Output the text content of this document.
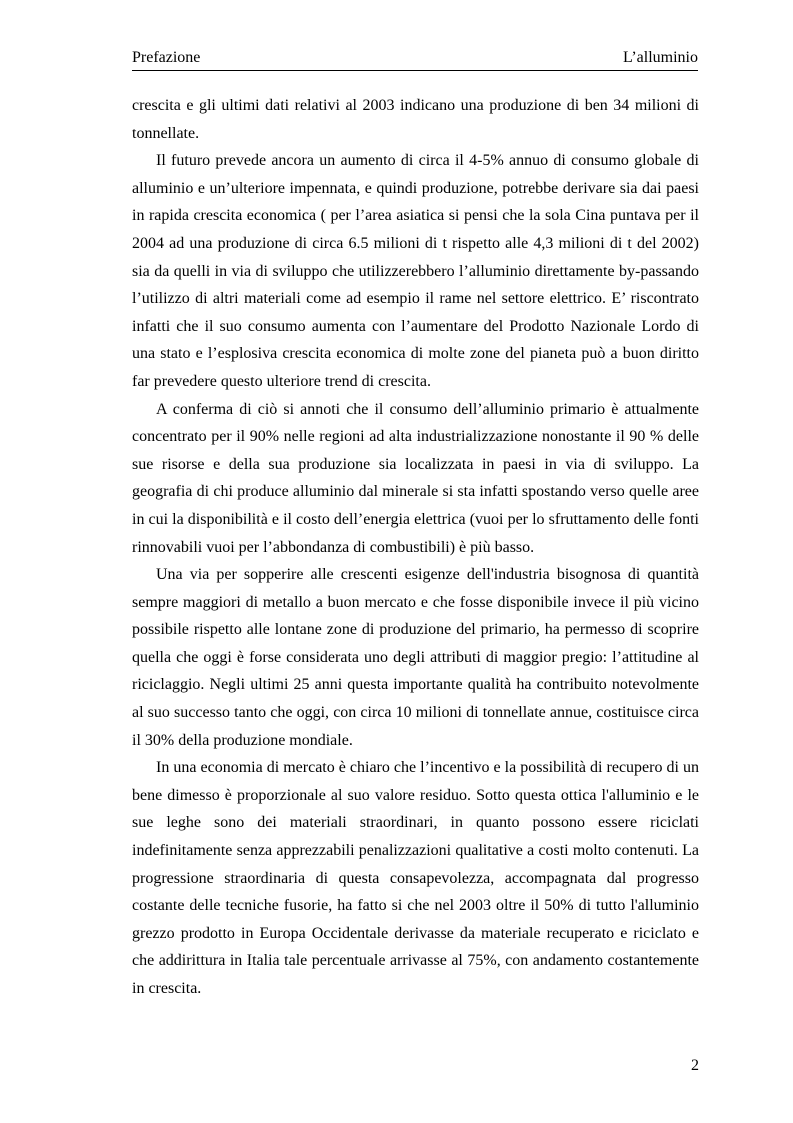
Prefazione	L’alluminio

crescita e gli ultimi dati relativi al 2003 indicano una produzione di ben 34 milioni di tonnellate.

Il futuro prevede ancora un aumento di circa il 4-5% annuo di consumo globale di alluminio e un’ulteriore impennata, e quindi produzione, potrebbe derivare sia dai paesi in rapida crescita economica ( per l’area asiatica si pensi che la sola Cina puntava per il 2004 ad una produzione di circa 6.5 milioni di t rispetto alle 4,3 milioni di t del 2002) sia da quelli in via di sviluppo che utilizzerebbero l’alluminio direttamente by-passando l’utilizzo di altri materiali come ad esempio il rame nel settore elettrico. E’ riscontrato infatti che il suo consumo aumenta con l’aumentare del Prodotto Nazionale Lordo di una stato e l’esplosiva crescita economica di molte zone del pianeta può a buon diritto far prevedere questo ulteriore trend di crescita.

A conferma di ciò si annoti che il consumo dell’alluminio primario è attualmente concentrato per il 90% nelle regioni ad alta industrializzazione nonostante il 90 % delle sue risorse e della sua produzione sia localizzata in paesi in via di sviluppo. La geografia di chi produce alluminio dal minerale si sta infatti spostando verso quelle aree in cui la disponibilità e il costo dell’energia elettrica (vuoi per lo sfruttamento delle fonti rinnovabili vuoi per l’abbondanza di combustibili) è più basso.

Una via per sopperire alle crescenti esigenze dell'industria bisognosa di quantità sempre maggiori di metallo a buon mercato e che fosse disponibile invece il più vicino possibile rispetto alle lontane zone di produzione del primario, ha permesso di scoprire quella che oggi è forse considerata uno degli attributi di maggior pregio: l’attitudine al riciclaggio. Negli ultimi 25 anni questa importante qualità ha contribuito notevolmente al suo successo tanto che oggi, con circa 10 milioni di tonnellate annue, costituisce circa il 30% della produzione mondiale.

In una economia di mercato è chiaro che l’incentivo e la possibilità di recupero di un bene dimesso è proporzionale al suo valore residuo. Sotto questa ottica l'alluminio e le sue leghe sono dei materiali straordinari, in quanto possono essere riciclati indefinitamente senza apprezzabili penalizzazioni qualitative a costi molto contenuti. La progressione straordinaria di questa consapevolezza, accompagnata dal progresso costante delle tecniche fusorie, ha fatto si che nel 2003 oltre il 50% di tutto l'alluminio grezzo prodotto in Europa Occidentale derivasse da materiale recuperato e riciclato e che addirittura in Italia tale percentuale arrivasse al 75%, con andamento costantemente in crescita.

2
